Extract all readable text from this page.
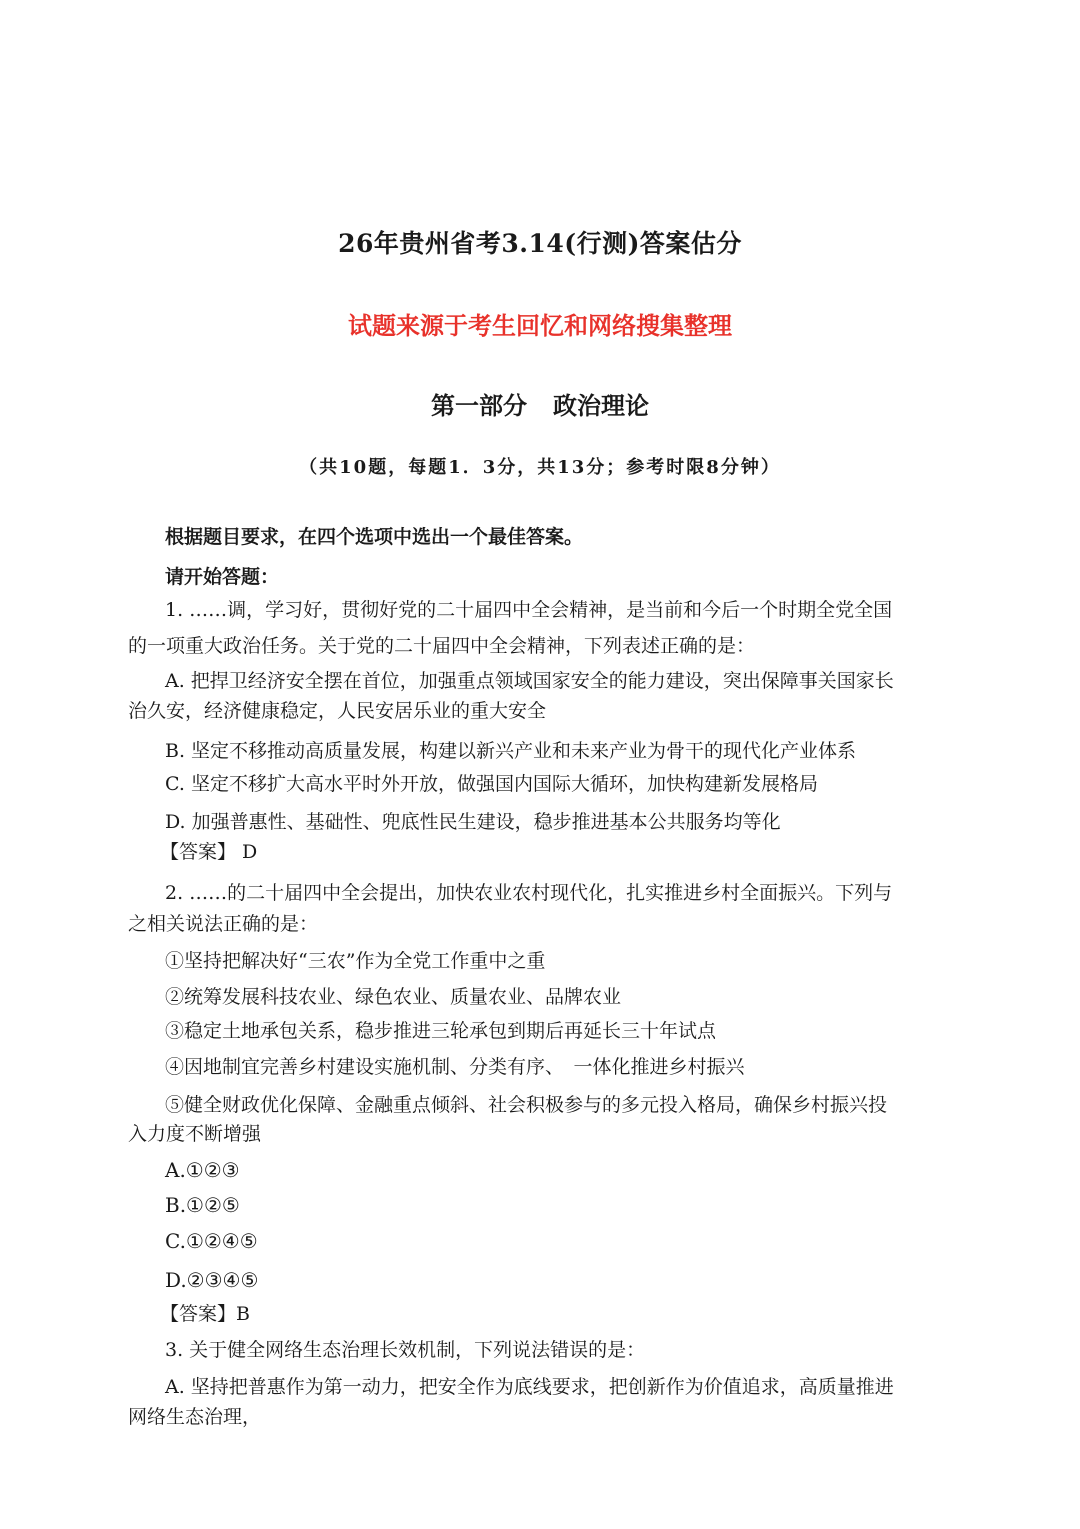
26年贵州省考3.14(行测)答案估分
试题来源于考生回忆和网络搜集整理
第一部分 政治理论
（共10题，每题1．3分，共13分；参考时限8分钟）
根据题目要求，在四个选项中选出一个最佳答案。
请开始答题：
1. ……调，学习好，贯彻好党的二十届四中全会精神，是当前和今后一个时期全党全国
的一项重大政治任务。关于党的二十届四中全会精神，下列表述正确的是：
A. 把捍卫经济安全摆在首位，加强重点领域国家安全的能力建设，突出保障事关国家长
治久安，经济健康稳定，人民安居乐业的重大安全
B. 坚定不移推动高质量发展，构建以新兴产业和未来产业为骨干的现代化产业体系
C. 坚定不移扩大高水平时外开放，做强国内国际大循环，加快构建新发展格局
D. 加强普惠性、基础性、兜底性民生建设，稳步推进基本公共服务均等化
【答案】 D
2. ……的二十届四中全会提出，加快农业农村现代化，扎实推进乡村全面振兴。下列与
之相关说法正确的是：
①坚持把解决好“三农”作为全党工作重中之重
②统筹发展科技农业、绿色农业、质量农业、品牌农业
③稳定土地承包关系，稳步推进三轮承包到期后再延长三十年试点
④因地制宜完善乡村建设实施机制、分类有序、　一体化推进乡村振兴
⑤健全财政优化保障、金融重点倾斜、社会积极参与的多元投入格局，确保乡村振兴投
入力度不断增强
A.①②③
B.①②⑤
C.①②④⑤
D.②③④⑤
【答案】B
3. 关于健全网络生态治理长效机制，下列说法错误的是：
A. 坚持把普惠作为第一动力，把安全作为底线要求，把创新作为价值追求，高质量推进
网络生态治理，
